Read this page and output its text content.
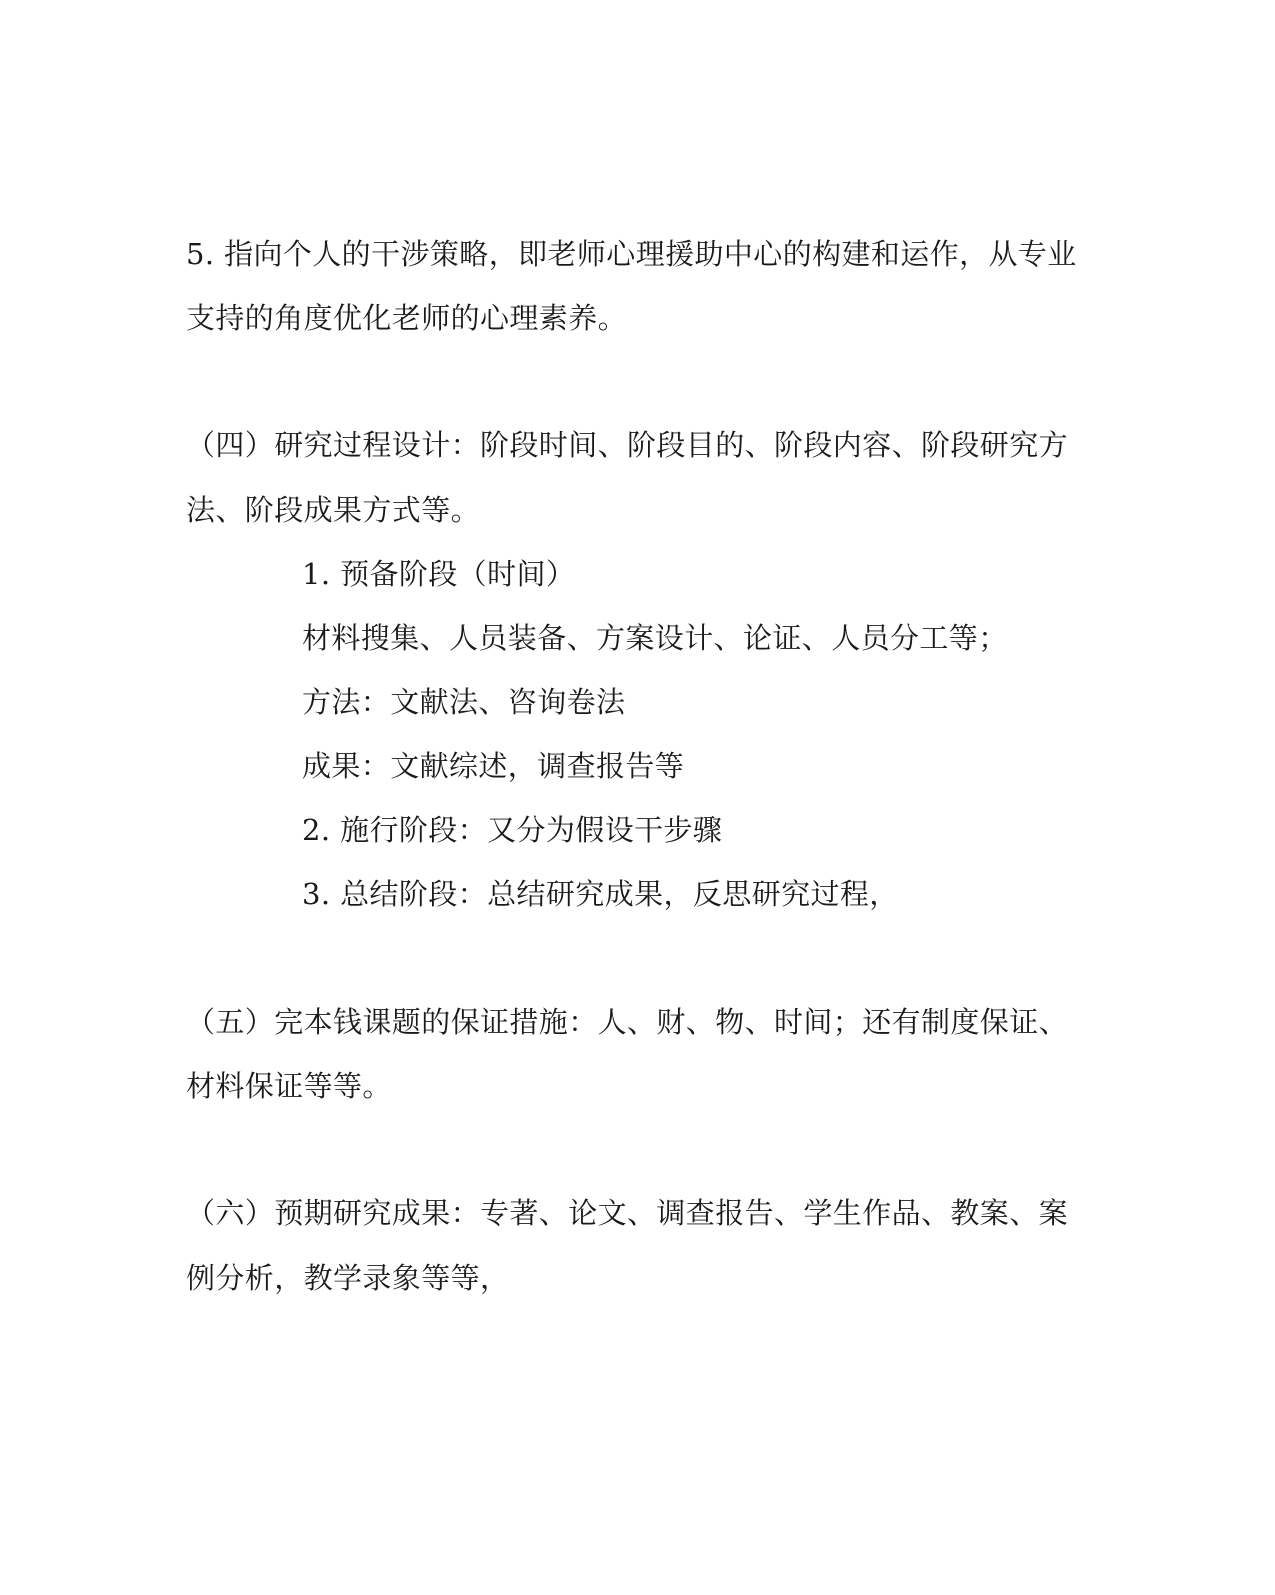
5. 指向个人的干涉策略，即老师心理援助中心的构建和运作，从专业
支持的角度优化老师的心理素养。
（四）研究过程设计：阶段时间、阶段目的、阶段内容、阶段研究方
法、阶段成果方式等。
1. 预备阶段（时间）
材料搜集、人员装备、方案设计、论证、人员分工等；
方法：文献法、咨询卷法
成果：文献综述，调查报告等
2. 施行阶段：又分为假设干步骤
3. 总结阶段：总结研究成果，反思研究过程，
（五）完本钱课题的保证措施：人、财、物、时间；还有制度保证、
材料保证等等。
（六）预期研究成果：专著、论文、调查报告、学生作品、教案、案
例分析，教学录象等等，
